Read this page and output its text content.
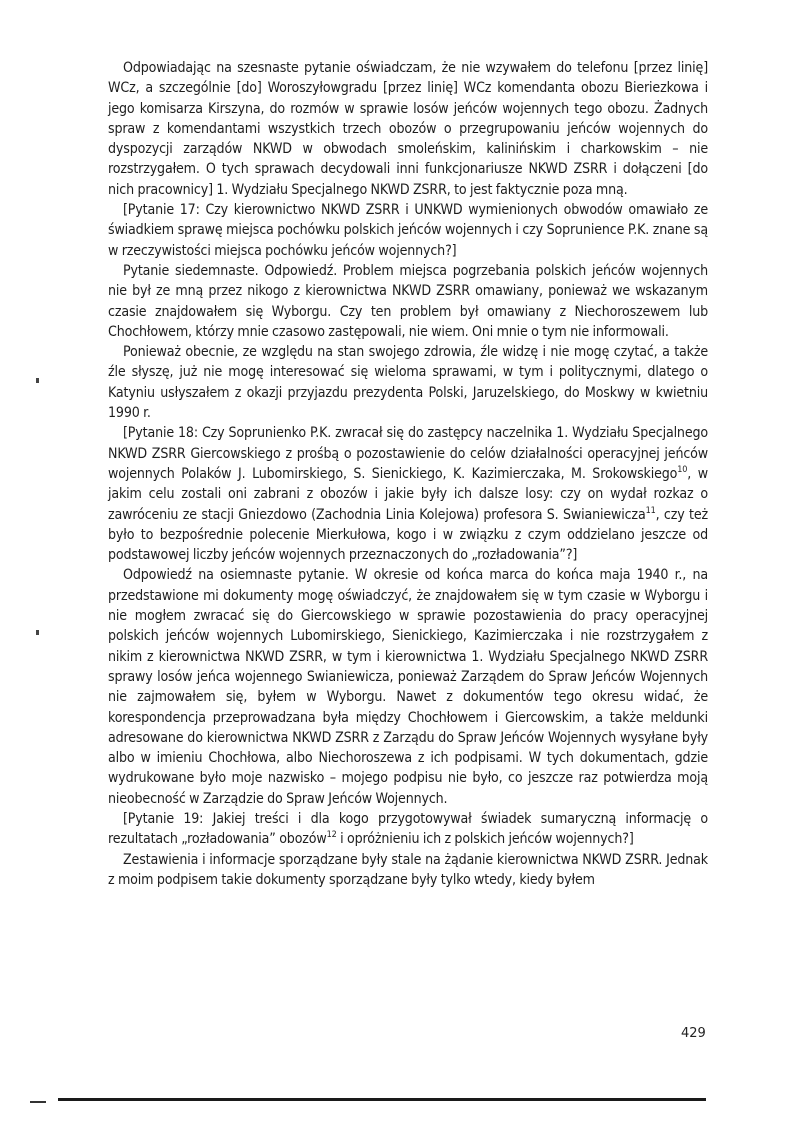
Odpowiadając na szesnaste pytanie oświadczam, że nie wzywałem do telefonu [przez linię] WCz, a szczególnie [do] Woroszyłowgradu [przez linię] WCz komendanta obozu Bieriezkowa i jego komisarza Kirszyna, do rozmów w sprawie losów jeńców wojennych tego obozu. Żadnych spraw z komendantami wszystkich trzech obozów o przegrupowaniu jeńców wojennych do dyspozycji zarządów NKWD w obwodach smoleńskim, kalinińskim i charkowskim – nie rozstrzygałem. O tych sprawach decydowali inni funkcjonariusze NKWD ZSRR i dołączeni [do nich pracownicy] 1. Wydziału Specjalnego NKWD ZSRR, to jest faktycznie poza mną.

[Pytanie 17: Czy kierownictwo NKWD ZSRR i UNKWD wymienionych obwodów omawiało ze świadkiem sprawę miejsca pochówku polskich jeńców wojennych i czy Soprunience P.K. znane są w rzeczywistości miejsca pochówku jeńców wojennych?]

Pytanie siedemnaste. Odpowiedź. Problem miejsca pogrzebania polskich jeńców wojennych nie był ze mną przez nikogo z kierownictwa NKWD ZSRR omawiany, ponieważ we wskazanym czasie znajdowałem się Wyborgu. Czy ten problem był omawiany z Niechoroszewem lub Chochłowem, którzy mnie czasowo zastępowali, nie wiem. Oni mnie o tym nie informowali.

Ponieważ obecnie, ze względu na stan swojego zdrowia, źle widzę i nie mogę czytać, a także źle słyszę, już nie mogę interesować się wieloma sprawami, w tym i politycznymi, dlatego o Katyniu usłyszałem z okazji przyjazdu prezydenta Polski, Jaruzelskiego, do Moskwy w kwietniu 1990 r.

[Pytanie 18: Czy Soprunienko P.K. zwracał się do zastępcy naczelnika 1. Wydziału Specjalnego NKWD ZSRR Giercowskiego z prośbą o pozostawienie do celów działalności operacyjnej jeńców wojennych Polaków J. Lubomirskiego, S. Sienickiego, K. Kazimierczaka, M. Srokowskiego$^{10}$, w jakim celu zostali oni zabrani z obozów i jakie były ich dalsze losy: czy on wydał rozkaz o zawróceniu ze stacji Gniezdowo (Zachodnia Linia Kolejowa) profesora S. Swianiewicza$^{11}$, czy też było to bezpośrednie polecenie Mierkułowa, kogo i w związku z czym oddzielano jeszcze od podstawowej liczby jeńców wojennych przeznaczonych do „rozładowania”?]

Odpowiedź na osiemnaste pytanie. W okresie od końca marca do końca maja 1940 r., na przedstawione mi dokumenty mogę oświadczyć, że znajdowałem się w tym czasie w Wyborgu i nie mogłem zwracać się do Giercowskiego w sprawie pozostawienia do pracy operacyjnej polskich jeńców wojennych Lubomirskiego, Sienickiego, Kazimierczaka i nie rozstrzygałem z nikim z kierownictwa NKWD ZSRR, w tym i kierownictwa 1. Wydziału Specjalnego NKWD ZSRR sprawy losów jeńca wojennego Swianiewicza, ponieważ Zarządem do Spraw Jeńców Wojennych nie zajmowałem się, byłem w Wyborgu. Nawet z dokumentów tego okresu widać, że korespondencja przeprowadzana była między Chochłowem i Giercowskim, a także meldunki adresowane do kierownictwa NKWD ZSRR z Zarządu do Spraw Jeńców Wojennych wysyłane były albo w imieniu Chochłowa, albo Niechoroszewa z ich podpisami. W tych dokumentach, gdzie wydrukowane było moje nazwisko – mojego podpisu nie było, co jeszcze raz potwierdza moją nieobecność w Zarządzie do Spraw Jeńców Wojennych.

[Pytanie 19: Jakiej treści i dla kogo przygotowywał świadek sumaryczną informację o rezultatach „rozładowania” obozów$^{12}$ i opróżnieniu ich z polskich jeńców wojennych?]

Zestawienia i informacje sporządzane były stale na żądanie kierownictwa NKWD ZSRR. Jednak z moim podpisem takie dokumenty sporządzane były tylko wtedy, kiedy byłem

429
